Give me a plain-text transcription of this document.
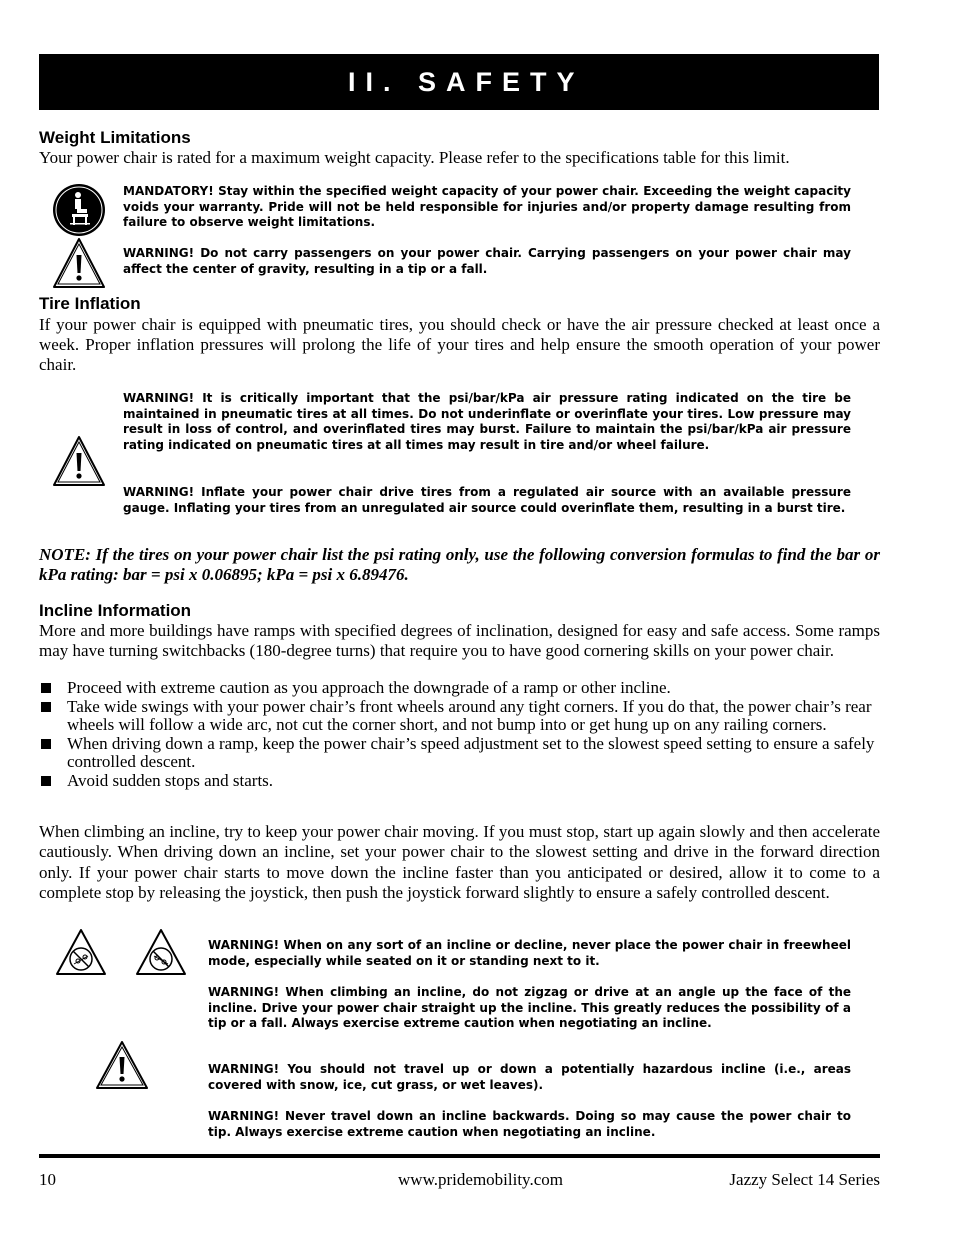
II. SAFETY
Weight Limitations
Your power chair is rated for a maximum weight capacity. Please refer to the specifications table for this limit.
MANDATORY! Stay within the specified weight capacity of your power chair. Exceeding the weight capacity voids your warranty. Pride will not be held responsible for injuries and/or property damage resulting from failure to observe weight limitations.
WARNING! Do not carry passengers on your power chair. Carrying passengers on your power chair may affect the center of gravity, resulting in a tip or a fall.
Tire Inflation
If your power chair is equipped with pneumatic tires, you should check or have the air pressure checked at least once a week. Proper inflation pressures will prolong the life of your tires and help ensure the smooth operation of your power chair.
WARNING! It is critically important that the psi/bar/kPa air pressure rating indicated on the tire be maintained in pneumatic tires at all times. Do not underinflate or overinflate your tires. Low pressure may result in loss of control, and overinflated tires may burst. Failure to maintain the psi/bar/kPa air pressure rating indicated on pneumatic tires at all times may result in tire and/or wheel failure.
WARNING! Inflate your power chair drive tires from a regulated air source with an available pressure gauge. Inflating your tires from an unregulated air source could overinflate them, resulting in a burst tire.
NOTE: If the tires on your power chair list the psi rating only, use the following conversion formulas to find the bar or kPa rating: bar = psi x 0.06895; kPa = psi x 6.89476.
Incline Information
More and more buildings have ramps with specified degrees of inclination, designed for easy and safe access. Some ramps may have turning switchbacks (180-degree turns) that require you to have good cornering skills on your power chair.
Proceed with extreme caution as you approach the downgrade of a ramp or other incline.
Take wide swings with your power chair’s front wheels around any tight corners. If you do that, the power chair’s rear wheels will follow a wide arc, not cut the corner short, and not bump into or get hung up on any railing corners.
When driving down a ramp, keep the power chair’s speed adjustment set to the slowest speed setting to ensure a safely controlled descent.
Avoid sudden stops and starts.
When climbing an incline, try to keep your power chair moving. If you must stop, start up again slowly and then accelerate cautiously. When driving down an incline, set your power chair to the slowest setting and drive in the forward direction only. If your power chair starts to move down the incline faster than you anticipated or desired, allow it to come to a complete stop by releasing the joystick, then push the joystick forward slightly to ensure a safely controlled descent.
WARNING! When on any sort of an incline or decline, never place the power chair in freewheel mode, especially while seated on it or standing next to it.
WARNING! When climbing an incline, do not zigzag or drive at an angle up the face of the incline. Drive your power chair straight up the incline. This greatly reduces the possibility of a tip or a fall. Always exercise extreme caution when negotiating an incline.
WARNING! You should not travel up or down a potentially hazardous incline (i.e., areas covered with snow, ice, cut grass, or wet leaves).
WARNING! Never travel down an incline backwards. Doing so may cause the power chair to tip. Always exercise extreme caution when negotiating an incline.
10	www.pridemobility.com	Jazzy Select 14 Series
